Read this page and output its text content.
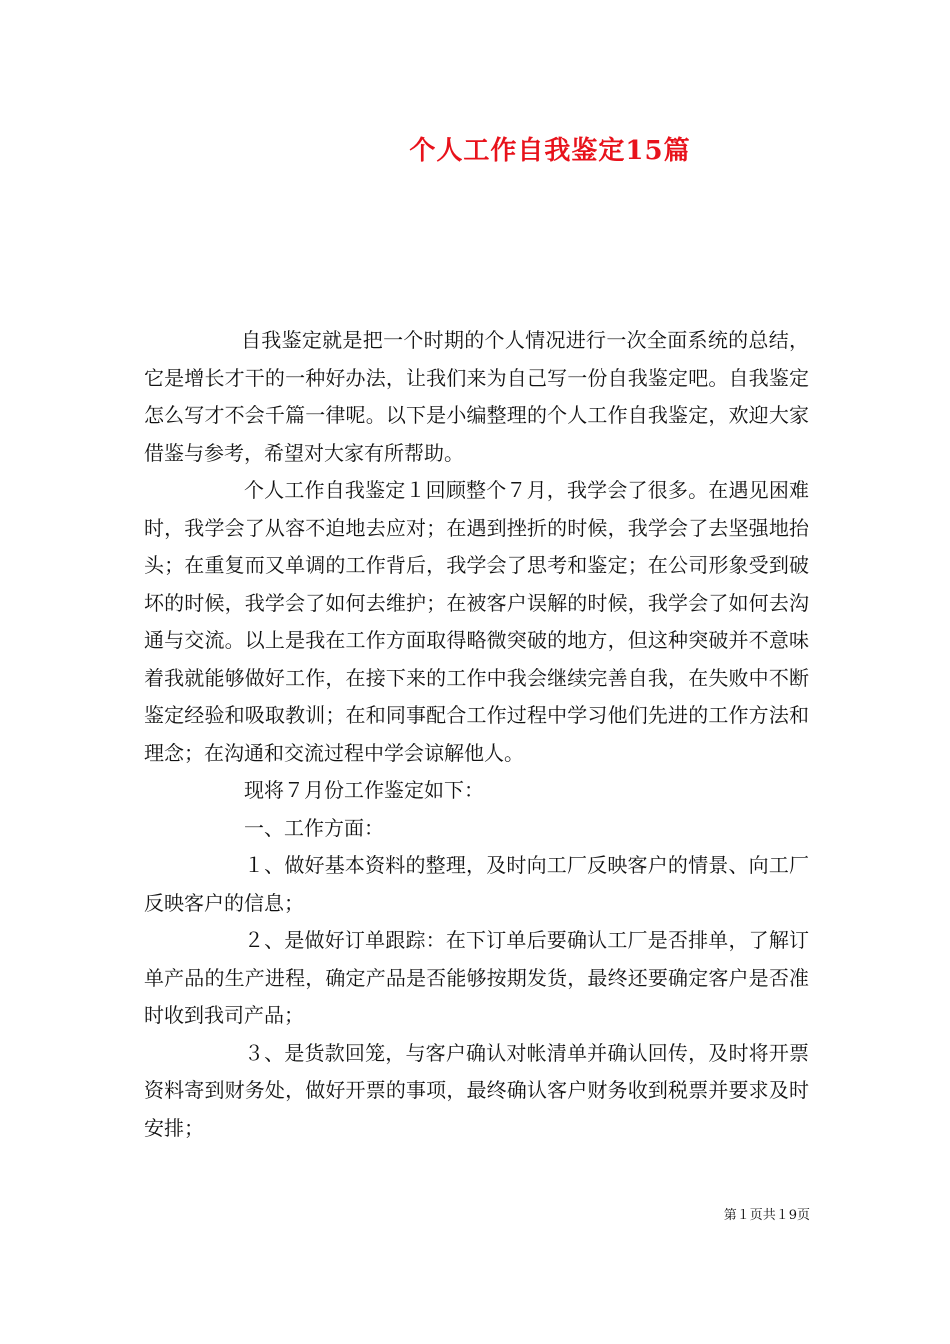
个人工作自我鉴定15篇

自我鉴定就是把一个时期的个人情况进行一次全面系统的总结，它是增长才干的一种好办法，让我们来为自己写一份自我鉴定吧。自我鉴定怎么写才不会千篇一律呢。以下是小编整理的个人工作自我鉴定，欢迎大家借鉴与参考，希望对大家有所帮助。

个人工作自我鉴定１回顾整个７月，我学会了很多。在遇见困难时，我学会了从容不迫地去应对；在遇到挫折的时候，我学会了去坚强地抬头；在重复而又单调的工作背后，我学会了思考和鉴定；在公司形象受到破坏的时候，我学会了如何去维护；在被客户误解的时候，我学会了如何去沟通与交流。以上是我在工作方面取得略微突破的地方，但这种突破并不意味着我就能够做好工作，在接下来的工作中我会继续完善自我，在失败中不断鉴定经验和吸取教训；在和同事配合工作过程中学习他们先进的工作方法和理念；在沟通和交流过程中学会谅解他人。

现将７月份工作鉴定如下：

一、工作方面：

１、做好基本资料的整理，及时向工厂反映客户的情景、向工厂反映客户的信息；

２、是做好订单跟踪：在下订单后要确认工厂是否排单，了解订单产品的生产进程，确定产品是否能够按期发货，最终还要确定客户是否准时收到我司产品；

３、是货款回笼，与客户确认对帐清单并确认回传，及时将开票资料寄到财务处，做好开票的事项，最终确认客户财务收到税票并要求及时安排；

第１页共１9页
